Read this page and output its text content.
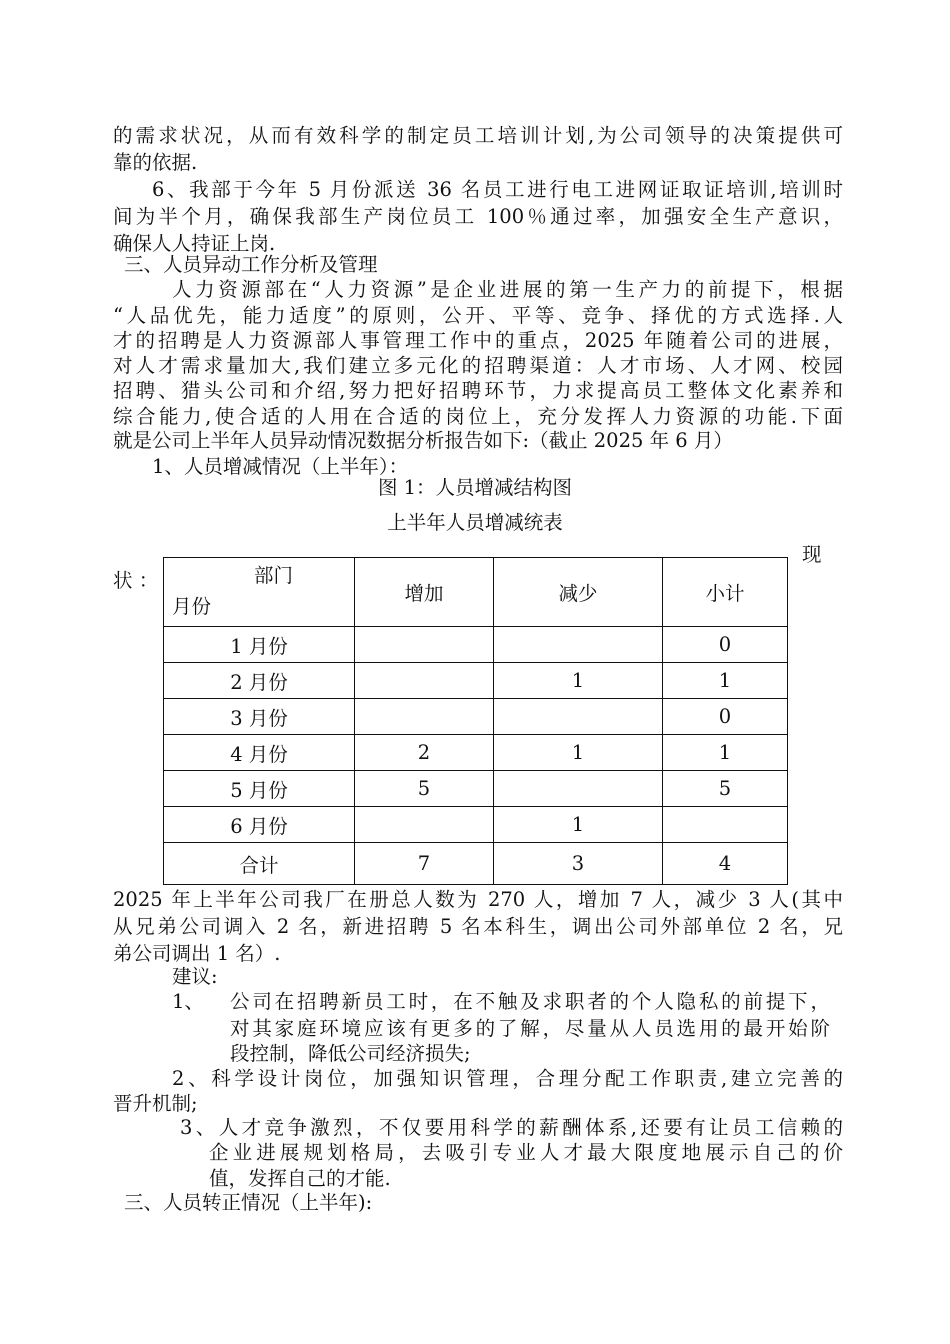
的需求状况，从而有效科学的制定员工培训计划,为公司领导的决策提供可
靠的依据.
6、我部于今年 5 月份派送 36 名员工进行电工进网证取证培训,培训时
间为半个月，确保我部生产岗位员工 100％通过率，加强安全生产意识，
确保人人持证上岗.
三、人员异动工作分析及管理
人力资源部在“人力资源”是企业进展的第一生产力的前提下，根据
“人品优先，能力适度”的原则，公开、平等、竞争、择优的方式选择.人
才的招聘是人力资源部人事管理工作中的重点，2025 年随着公司的进展，
对人才需求量加大,我们建立多元化的招聘渠道：人才市场、人才网、校园
招聘、猎头公司和介绍,努力把好招聘环节，力求提高员工整体文化素养和
综合能力,使合适的人用在合适的岗位上，充分发挥人力资源的功能.下面
就是公司上半年人员异动情况数据分析报告如下:（截止 2025 年 6 月）
1、人员增减情况（上半年）：
图 1：人员增减结构图
上半年人员增减统表
状 ：
现
部门
月份	增加	减少	小计
1 月份			0
2 月份		1	1
3 月份			0
4 月份	2	1	1
5 月份	5		5
6 月份		1	
合计	7	3	4
2025 年上半年公司我厂在册总人数为 270 人，增加 7 人，减少 3 人(其中
从兄弟公司调入 2 名，新进招聘 5 名本科生，调出公司外部单位 2 名，兄
弟公司调出 1 名）.
建议:
1、	公司在招聘新员工时，在不触及求职者的个人隐私的前提下，
对其家庭环境应该有更多的了解，尽量从人员选用的最开始阶
段控制，降低公司经济损失;
2、科学设计岗位，加强知识管理，合理分配工作职责,建立完善的
晋升机制;
3、人才竞争激烈，不仅要用科学的薪酬体系,还要有让员工信赖的
企业进展规划格局，去吸引专业人才最大限度地展示自己的价
值，发挥自己的才能.
三、人员转正情况（上半年):
